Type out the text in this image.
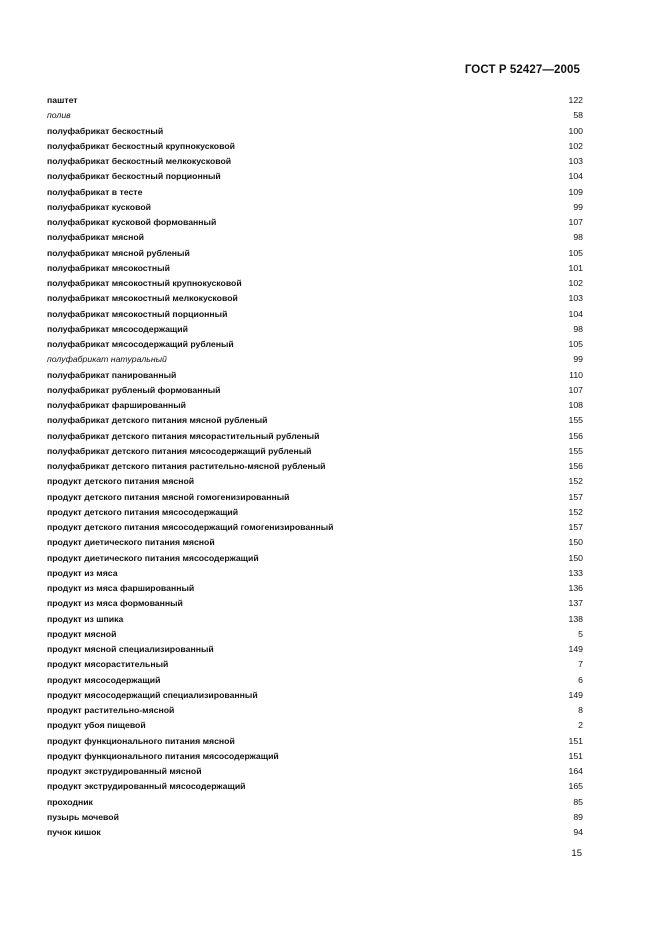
ГОСТ Р 52427—2005
паштет	122
полив	58
полуфабрикат бескостный	100
полуфабрикат бескостный крупнокусковой	102
полуфабрикат бескостный мелкокусковой	103
полуфабрикат бескостный порционный	104
полуфабрикат в тесте	109
полуфабрикат кусковой	99
полуфабрикат кусковой формованный	107
полуфабрикат мясной	98
полуфабрикат мясной рубленый	105
полуфабрикат мясокостный	101
полуфабрикат мясокостный крупнокусковой	102
полуфабрикат мясокостный мелкокусковой	103
полуфабрикат мясокостный порционный	104
полуфабрикат мясосодержащий	98
полуфабрикат мясосодержащий рубленый	105
полуфабрикат натуральный	99
полуфабрикат панированный	110
полуфабрикат рубленый формованный	107
полуфабрикат фаршированный	108
полуфабрикат детского питания мясной рубленый	155
полуфабрикат детского питания мясорастительный рубленый	156
полуфабрикат детского питания мясосодержащий рубленый	155
полуфабрикат детского питания растительно-мясной рубленый	156
продукт детского питания мясной	152
продукт детского питания мясной гомогенизированный	157
продукт детского питания мясосодержащий	152
продукт детского питания мясосодержащий гомогенизированный	157
продукт диетического питания мясной	150
продукт диетического питания мясосодержащий	150
продукт из мяса	133
продукт из мяса фаршированный	136
продукт из мяса формованный	137
продукт из шпика	138
продукт мясной	5
продукт мясной специализированный	149
продукт мясорастительный	7
продукт мясосодержащий	6
продукт мясосодержащий специализированный	149
продукт растительно-мясной	8
продукт убоя пищевой	2
продукт функционального питания мясной	151
продукт функционального питания мясосодержащий	151
продукт экструдированный мясной	164
продукт экструдированный мясосодержащий	165
проходник	85
пузырь мочевой	89
пучок кишок	94
15
